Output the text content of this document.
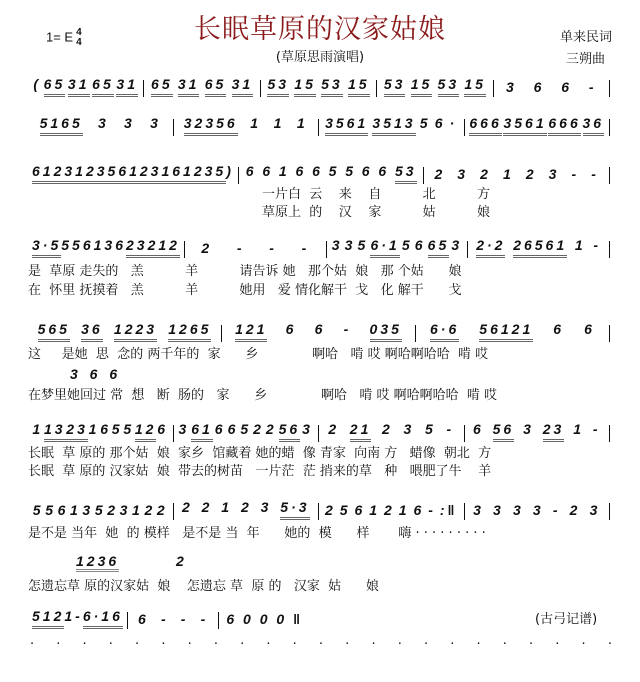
1= E 4
4	长眠草原的汉家姑娘
(草原思雨演唱)
单来民词
三朔曲
( 65 31 65 31 65 31 65 31 53 15 53 15 53 15 53 15 3 6 6 -
5165 3 3 3 32356 1 1 1 3561 3513 5 6 · 666 3561 666 36
6123 1235 6123 161235 ) 6 6 1 6 6 5 5 6 6 53 2 3 2 1 2 3 - -
一片白  云    来    自          北          方
草原上  的    汉    家          姑          娘
3·5 5 5 6 1 3 6 23212 2 - - - 3 3 5 6·1 5 6 65 3 2·2 26561 1 -
是  草原 走失的   羔          羊          请告诉 她   那个姑  娘   那 个姑      娘
在  怀里 抚摸着   羔          羊          她用   爱 情化解干  戈   化 解干      戈
565 36 1223 1265 121 6 6 - 035 6·6 56121 6 6
这     是她  思  念的 两千年的  家      乡             啊哈   啃 哎 啊哈啊哈哈  啃 哎
3 6 6
在梦里她回过 常  想   断  肠的   家      乡             啊哈   啃 哎 啊哈啊哈哈  啃 哎
1 13 23 1 6 5 5 12 6 3 61 6 6 5 2 2 56 3 2 21 2 3 5 - 6 56 3 23 1 -
长眠  草 原的 那个姑  娘  家乡  馆藏着 她的蜡  像 青家  向南 方   蜡像  朝北  方
长眠  草 原的 汉家姑  娘  带去的树苗   一片茫  茫 捎来的草   种   喂肥了牛    羊
5 5 6 1 3 5 2 3 1 2 2 2 2 1 2 3 5·3 2 5 6 1 2 1 6 - :‖ 3 3 3 3 - 2 3
是不是 当年  她  的 模样   是不是 当  年      她的  模      样       嗨 · · · · · · · · ·
1236	2
怎遗忘草 原的汉家姑  娘    怎遗忘 草  原 的   汉家  姑      娘
512 1 - 6·16 6 - - - 6 0 0 0 ‖	(古弓记谱)
· · · · · · · · · · · · · · · · · · · · · · ·
